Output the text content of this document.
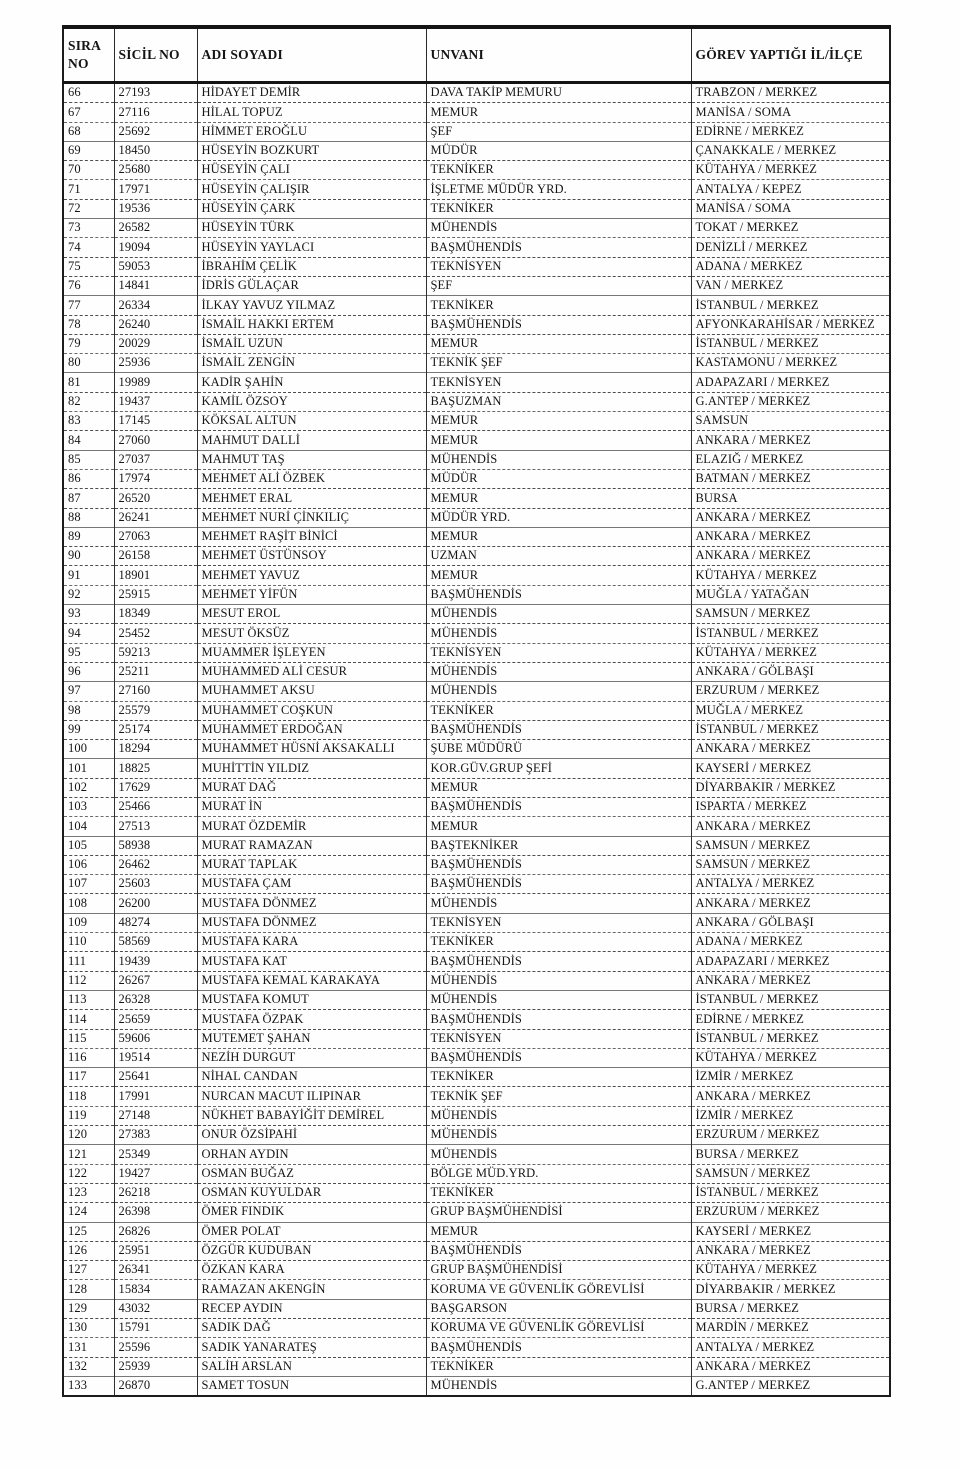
SIRA NO	SİCİL NO	ADI SOYADI	UNVANI	GÖREV YAPTIĞI İL/İLÇE
66	27193	HİDAYET DEMİR	DAVA TAKİP MEMURU	TRABZON / MERKEZ
67	27116	HİLAL TOPUZ	MEMUR	MANİSA / SOMA
68	25692	HİMMET EROĞLU	ŞEF	EDİRNE / MERKEZ
69	18450	HÜSEYİN BOZKURT	MÜDÜR	ÇANAKKALE / MERKEZ
70	25680	HÜSEYİN ÇALI	TEKNİKER	KÜTAHYA / MERKEZ
71	17971	HÜSEYİN ÇALIŞIR	İŞLETME MÜDÜR YRD.	ANTALYA / KEPEZ
72	19536	HÜSEYİN ÇARK	TEKNİKER	MANİSA / SOMA
73	26582	HÜSEYİN TÜRK	MÜHENDİS	TOKAT / MERKEZ
74	19094	HÜSEYİN YAYLACI	BAŞMÜHENDİS	DENİZLİ / MERKEZ
75	59053	İBRAHİM ÇELİK	TEKNİSYEN	ADANA / MERKEZ
76	14841	İDRİS GÜLAÇAR	ŞEF	VAN / MERKEZ
77	26334	İLKAY YAVUZ YILMAZ	TEKNİKER	İSTANBUL / MERKEZ
78	26240	İSMAİL HAKKI ERTEM	BAŞMÜHENDİS	AFYONKARAHİSAR / MERKEZ
79	20029	İSMAİL UZUN	MEMUR	İSTANBUL / MERKEZ
80	25936	İSMAİL ZENGİN	TEKNİK ŞEF	KASTAMONU / MERKEZ
81	19989	KADİR ŞAHİN	TEKNİSYEN	ADAPAZARI / MERKEZ
82	19437	KAMİL ÖZSOY	BAŞUZMAN	G.ANTEP / MERKEZ
83	17145	KÖKSAL ALTUN	MEMUR	SAMSUN
84	27060	MAHMUT DALLİ	MEMUR	ANKARA / MERKEZ
85	27037	MAHMUT TAŞ	MÜHENDİS	ELAZIĞ / MERKEZ
86	17974	MEHMET ALİ ÖZBEK	MÜDÜR	BATMAN / MERKEZ
87	26520	MEHMET ERAL	MEMUR	BURSA
88	26241	MEHMET NURİ ÇİNKILIÇ	MÜDÜR YRD.	ANKARA / MERKEZ
89	27063	MEHMET RAŞİT BİNİCİ	MEMUR	ANKARA / MERKEZ
90	26158	MEHMET ÜSTÜNSOY	UZMAN	ANKARA / MERKEZ
91	18901	MEHMET YAVUZ	MEMUR	KÜTAHYA / MERKEZ
92	25915	MEHMET YİFÜN	BAŞMÜHENDİS	MUĞLA / YATAĞAN
93	18349	MESUT EROL	MÜHENDİS	SAMSUN / MERKEZ
94	25452	MESUT ÖKSÜZ	MÜHENDİS	İSTANBUL / MERKEZ
95	59213	MUAMMER İŞLEYEN	TEKNİSYEN	KÜTAHYA / MERKEZ
96	25211	MUHAMMED ALİ CESUR	MÜHENDİS	ANKARA / GÖLBAŞI
97	27160	MUHAMMET AKSU	MÜHENDİS	ERZURUM / MERKEZ
98	25579	MUHAMMET COŞKUN	TEKNİKER	MUĞLA / MERKEZ
99	25174	MUHAMMET ERDOĞAN	BAŞMÜHENDİS	İSTANBUL / MERKEZ
100	18294	MUHAMMET HÜSNİ AKSAKALLI	ŞUBE MÜDÜRÜ	ANKARA / MERKEZ
101	18825	MUHİTTİN YILDIZ	KOR.GÜV.GRUP ŞEFİ	KAYSERİ / MERKEZ
102	17629	MURAT DAĞ	MEMUR	DİYARBAKIR / MERKEZ
103	25466	MURAT İN	BAŞMÜHENDİS	ISPARTA / MERKEZ
104	27513	MURAT ÖZDEMİR	MEMUR	ANKARA / MERKEZ
105	58938	MURAT RAMAZAN	BAŞTEKNİKER	SAMSUN / MERKEZ
106	26462	MURAT TAPLAK	BAŞMÜHENDİS	SAMSUN / MERKEZ
107	25603	MUSTAFA ÇAM	BAŞMÜHENDİS	ANTALYA / MERKEZ
108	26200	MUSTAFA DÖNMEZ	MÜHENDİS	ANKARA / MERKEZ
109	48274	MUSTAFA DÖNMEZ	TEKNİSYEN	ANKARA / GÖLBAŞI
110	58569	MUSTAFA KARA	TEKNİKER	ADANA / MERKEZ
111	19439	MUSTAFA KAT	BAŞMÜHENDİS	ADAPAZARI / MERKEZ
112	26267	MUSTAFA KEMAL KARAKAYA	MÜHENDİS	ANKARA / MERKEZ
113	26328	MUSTAFA KOMUT	MÜHENDİS	İSTANBUL / MERKEZ
114	25659	MUSTAFA ÖZPAK	BAŞMÜHENDİS	EDİRNE / MERKEZ
115	59606	MUTEMET ŞAHAN	TEKNİSYEN	İSTANBUL / MERKEZ
116	19514	NEZİH DURGUT	BAŞMÜHENDİS	KÜTAHYA / MERKEZ
117	25641	NİHAL CANDAN	TEKNİKER	İZMİR / MERKEZ
118	17991	NURCAN MACUT ILIPINAR	TEKNİK ŞEF	ANKARA / MERKEZ
119	27148	NÜKHET BABAYİĞİT DEMİREL	MÜHENDİS	İZMİR / MERKEZ
120	27383	ONUR ÖZSİPAHİ	MÜHENDİS	ERZURUM / MERKEZ
121	25349	ORHAN AYDIN	MÜHENDİS	BURSA / MERKEZ
122	19427	OSMAN BUĞAZ	BÖLGE MÜD.YRD.	SAMSUN / MERKEZ
123	26218	OSMAN KUYULDAR	TEKNİKER	İSTANBUL / MERKEZ
124	26398	ÖMER FINDIK	GRUP BAŞMÜHENDİSİ	ERZURUM / MERKEZ
125	26826	ÖMER POLAT	MEMUR	KAYSERİ / MERKEZ
126	25951	ÖZGÜR KUDUBAN	BAŞMÜHENDİS	ANKARA / MERKEZ
127	26341	ÖZKAN KARA	GRUP BAŞMÜHENDİSİ	KÜTAHYA / MERKEZ
128	15834	RAMAZAN AKENGİN	KORUMA VE GÜVENLİK GÖREVLİSİ	DİYARBAKIR / MERKEZ
129	43032	RECEP AYDIN	BAŞGARSON	BURSA / MERKEZ
130	15791	SADIK DAĞ	KORUMA VE GÜVENLİK GÖREVLİSİ	MARDİN / MERKEZ
131	25596	SADIK YANARATEŞ	BAŞMÜHENDİS	ANTALYA / MERKEZ
132	25939	SALİH ARSLAN	TEKNİKER	ANKARA / MERKEZ
133	26870	SAMET TOSUN	MÜHENDİS	G.ANTEP / MERKEZ
